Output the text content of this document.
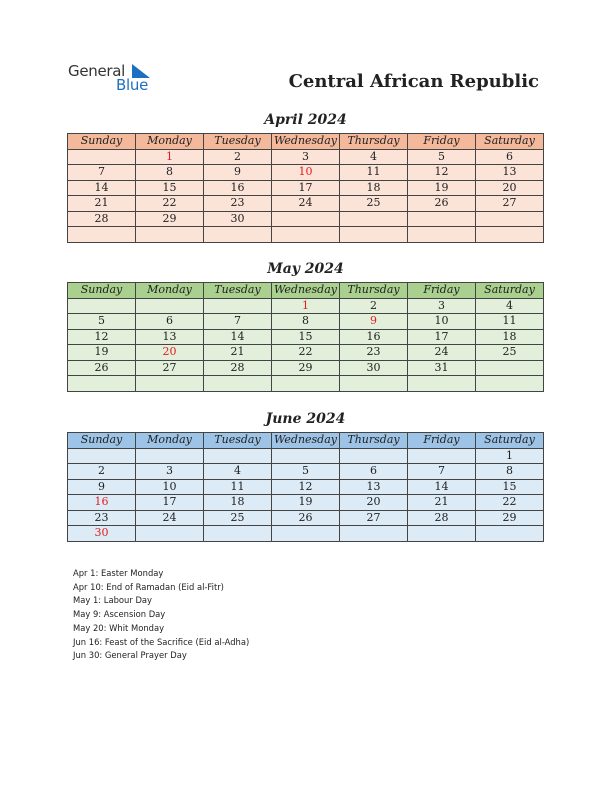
General
Blue	Central African Republic
April 2024
Sunday	Monday	Tuesday	Wednesday	Thursday	Friday	Saturday
	1	2	3	4	5	6
7	8	9	10	11	12	13
14	15	16	17	18	19	20
21	22	23	24	25	26	27
28	29	30				

May 2024
Sunday	Monday	Tuesday	Wednesday	Thursday	Friday	Saturday
			1	2	3	4
5	6	7	8	9	10	11
12	13	14	15	16	17	18
19	20	21	22	23	24	25
26	27	28	29	30	31	

June 2024
Sunday	Monday	Tuesday	Wednesday	Thursday	Friday	Saturday
						1
2	3	4	5	6	7	8
9	10	11	12	13	14	15
16	17	18	19	20	21	22
23	24	25	26	27	28	29
30						
Apr 1: Easter Monday
Apr 10: End of Ramadan (Eid al-Fitr)
May 1: Labour Day
May 9: Ascension Day
May 20: Whit Monday
Jun 16: Feast of the Sacrifice (Eid al-Adha)
Jun 30: General Prayer Day
